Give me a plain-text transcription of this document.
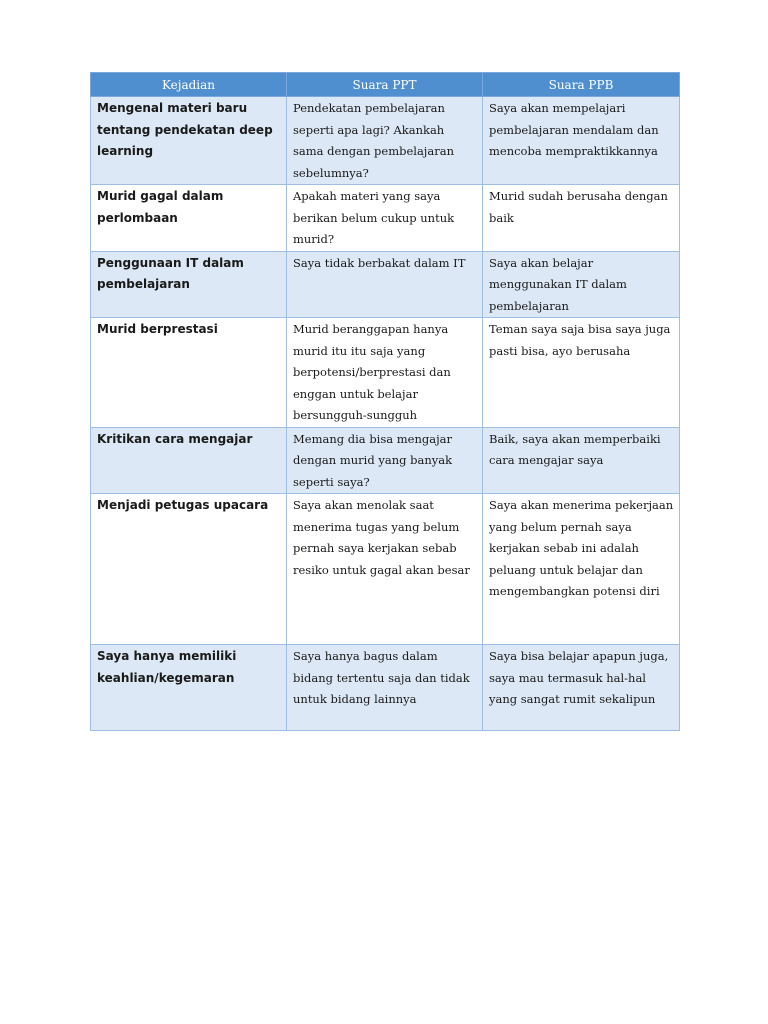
Kejadian	Suara PPT	Suara PPB
Mengenal materi baru tentang pendekatan deep learning	Pendekatan pembelajaran seperti apa lagi? Akankah sama dengan pembelajaran sebelumnya?	Saya akan mempelajari pembelajaran mendalam dan mencoba mempraktikkannya
Murid gagal dalam perlombaan	Apakah materi yang saya berikan belum cukup untuk murid?	Murid sudah berusaha dengan baik
Penggunaan IT dalam pembelajaran	Saya tidak berbakat dalam IT	Saya akan belajar menggunakan IT dalam pembelajaran
Murid berprestasi	Murid beranggapan hanya murid itu itu saja yang berpotensi/berprestasi dan enggan untuk belajar bersungguh-sungguh	Teman saya saja bisa saya juga pasti bisa, ayo berusaha
Kritikan cara mengajar	Memang dia bisa mengajar dengan murid yang banyak seperti saya?	Baik, saya akan memperbaiki cara mengajar saya
Menjadi petugas upacara	Saya akan menolak saat menerima tugas yang belum pernah saya kerjakan sebab resiko untuk gagal akan besar	Saya akan menerima pekerjaan yang belum pernah saya kerjakan sebab ini adalah peluang untuk belajar dan mengembangkan potensi diri
Saya hanya memiliki keahlian/kegemaran	Saya hanya bagus dalam bidang tertentu saja dan tidak untuk bidang lainnya	Saya bisa belajar apapun juga, saya mau termasuk hal-hal yang sangat rumit sekalipun
